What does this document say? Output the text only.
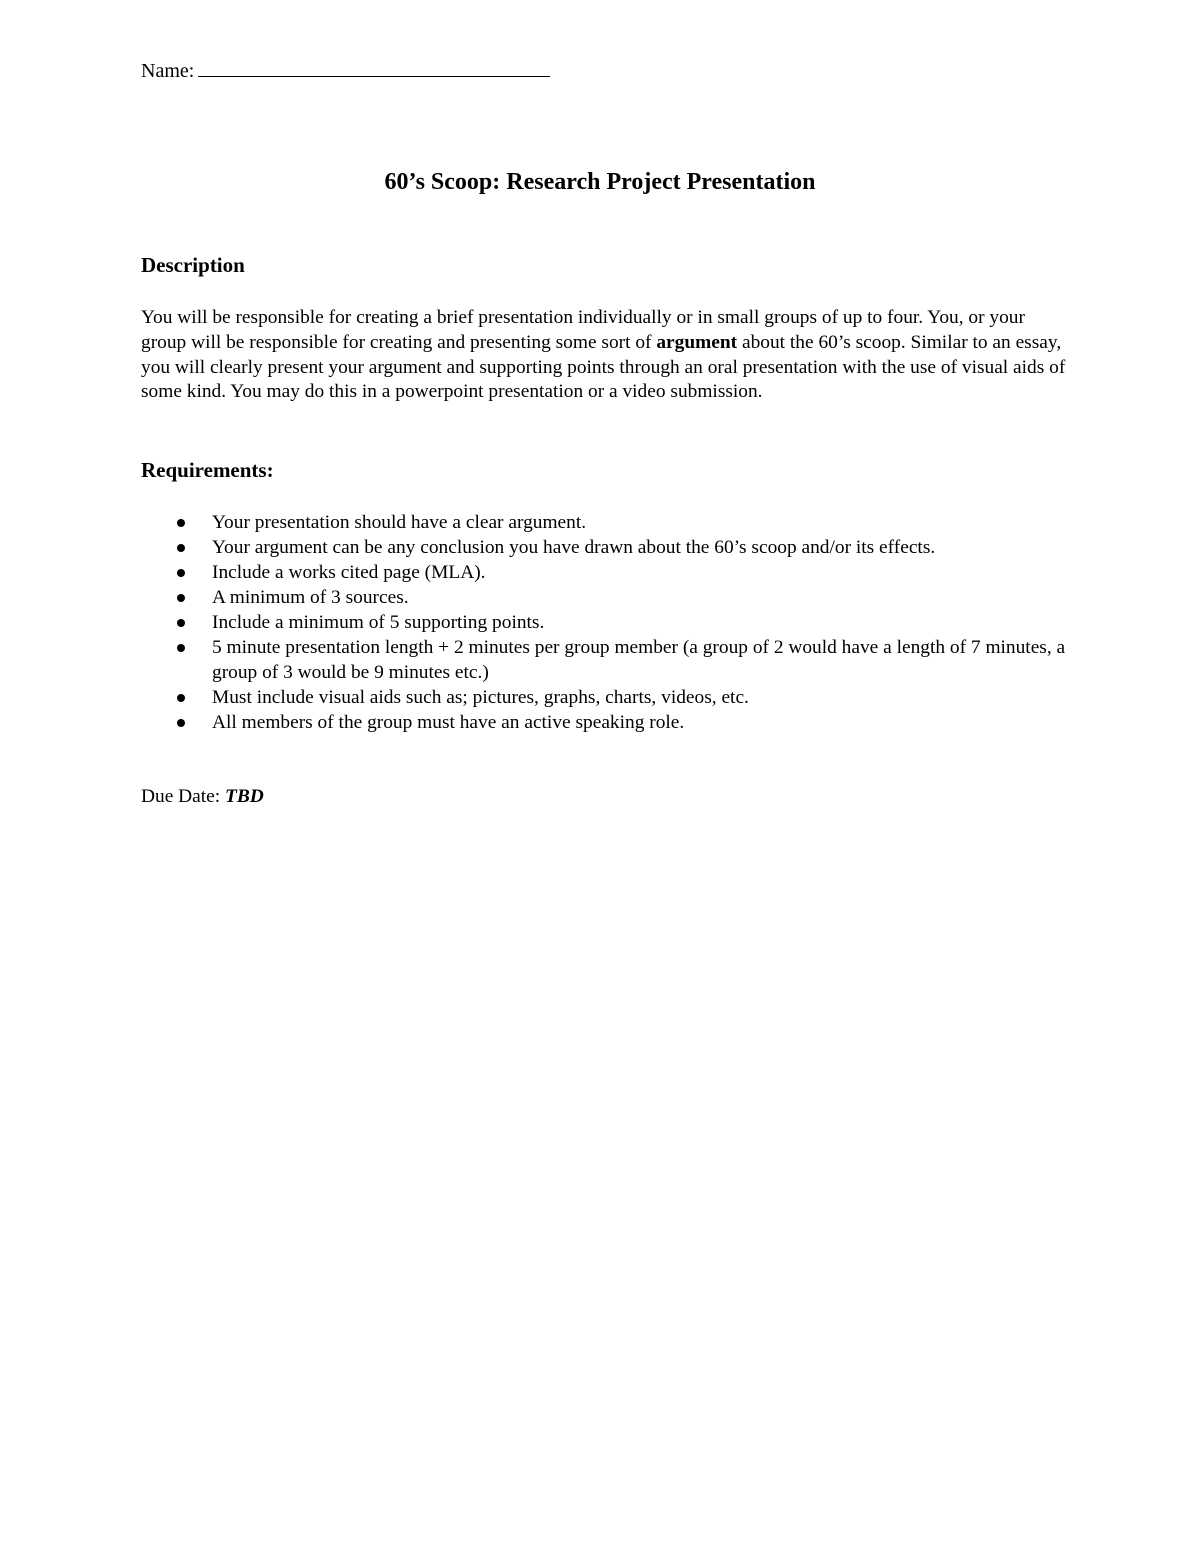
Name:
60’s Scoop: Research Project Presentation
Description

You will be responsible for creating a brief presentation individually or in small groups of up to four. You, or your group will be responsible for creating and presenting some sort of argument about the 60’s scoop. Similar to an essay, you will clearly present your argument and supporting points through an oral presentation with the use of visual aids of some kind. You may do this in a powerpoint presentation or a video submission.

Requirements:
Your presentation should have a clear argument.
Your argument can be any conclusion you have drawn about the 60’s scoop and/or its effects.
Include a works cited page (MLA).
A minimum of 3 sources.
Include a minimum of 5 supporting points.
5 minute presentation length + 2 minutes per group member (a group of 2 would have a length of 7 minutes, a group of 3 would be 9 minutes etc.)
Must include visual aids such as; pictures, graphs, charts, videos, etc.
All members of the group must have an active speaking role.
Due Date: TBD
